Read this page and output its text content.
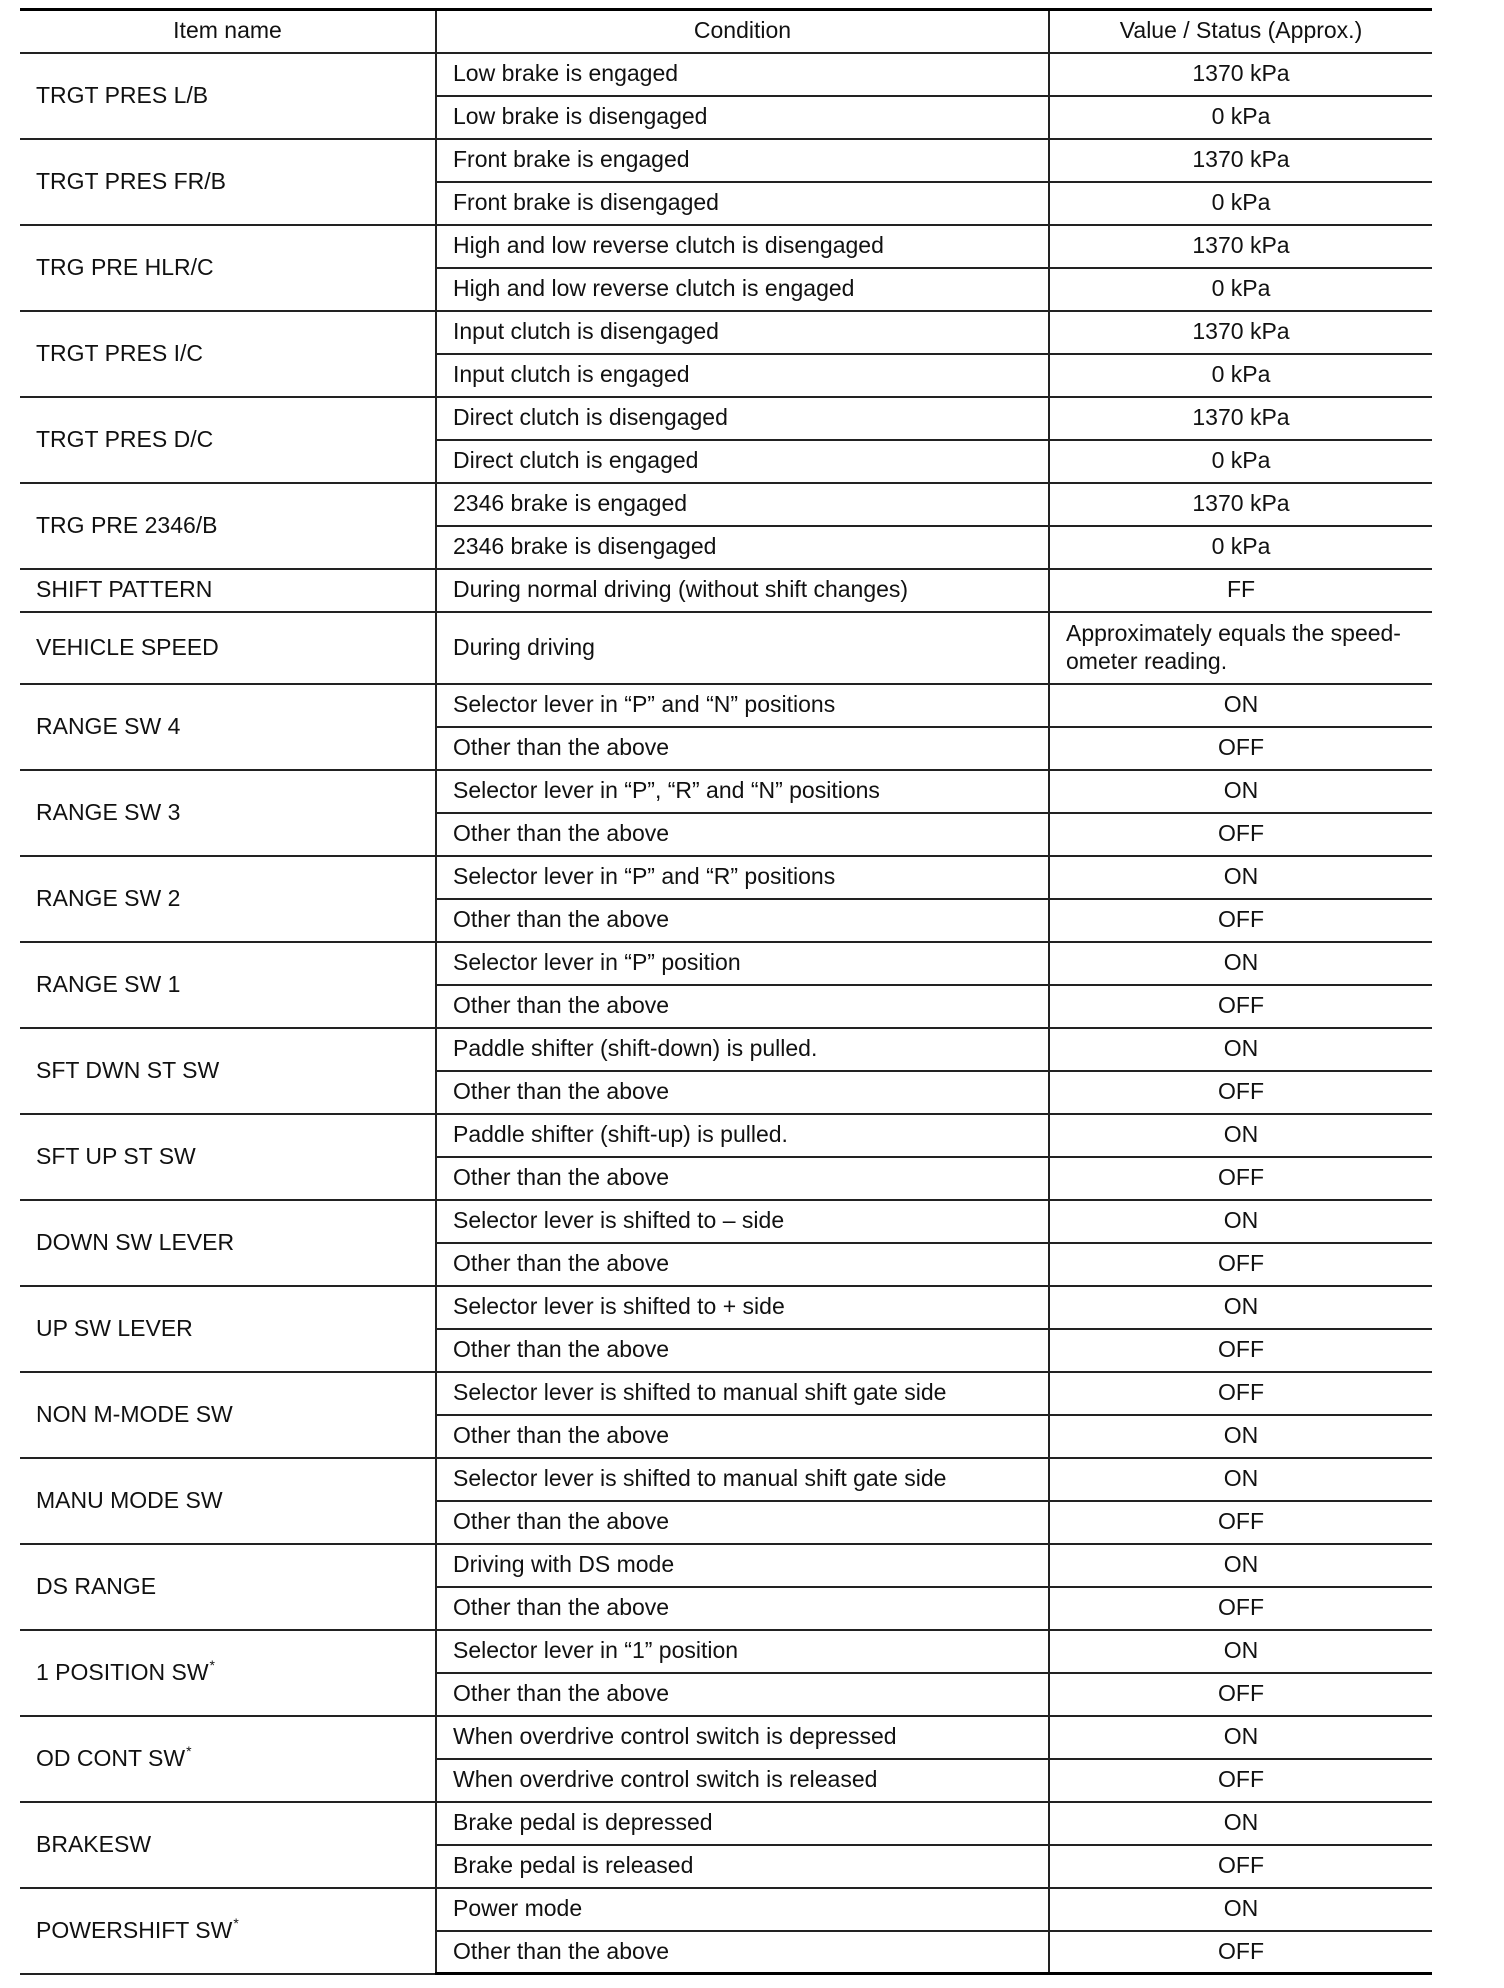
Item name	Condition	Value / Status (Approx.)
TRGT PRES L/B	Low brake is engaged	1370 kPa
	Low brake is disengaged	0 kPa
TRGT PRES FR/B	Front brake is engaged	1370 kPa
	Front brake is disengaged	0 kPa
TRG PRE HLR/C	High and low reverse clutch is disengaged	1370 kPa
	High and low reverse clutch is engaged	0 kPa
TRGT PRES I/C	Input clutch is disengaged	1370 kPa
	Input clutch is engaged	0 kPa
TRGT PRES D/C	Direct clutch is disengaged	1370 kPa
	Direct clutch is engaged	0 kPa
TRG PRE 2346/B	2346 brake is engaged	1370 kPa
	2346 brake is disengaged	0 kPa
SHIFT PATTERN	During normal driving (without shift changes)	FF
VEHICLE SPEED	During driving	Approximately equals the speed-ometer reading.
RANGE SW 4	Selector lever in “P” and “N” positions	ON
	Other than the above	OFF
RANGE SW 3	Selector lever in “P”, “R” and “N” positions	ON
	Other than the above	OFF
RANGE SW 2	Selector lever in “P” and “R” positions	ON
	Other than the above	OFF
RANGE SW 1	Selector lever in “P” position	ON
	Other than the above	OFF
SFT DWN ST SW	Paddle shifter (shift-down) is pulled.	ON
	Other than the above	OFF
SFT UP ST SW	Paddle shifter (shift-up) is pulled.	ON
	Other than the above	OFF
DOWN SW LEVER	Selector lever is shifted to – side	ON
	Other than the above	OFF
UP SW LEVER	Selector lever is shifted to + side	ON
	Other than the above	OFF
NON M-MODE SW	Selector lever is shifted to manual shift gate side	OFF
	Other than the above	ON
MANU MODE SW	Selector lever is shifted to manual shift gate side	ON
	Other than the above	OFF
DS RANGE	Driving with DS mode	ON
	Other than the above	OFF
1 POSITION SW*	Selector lever in “1” position	ON
	Other than the above	OFF
OD CONT SW*	When overdrive control switch is depressed	ON
	When overdrive control switch is released	OFF
BRAKESW	Brake pedal is depressed	ON
	Brake pedal is released	OFF
POWERSHIFT SW*	Power mode	ON
	Other than the above	OFF
